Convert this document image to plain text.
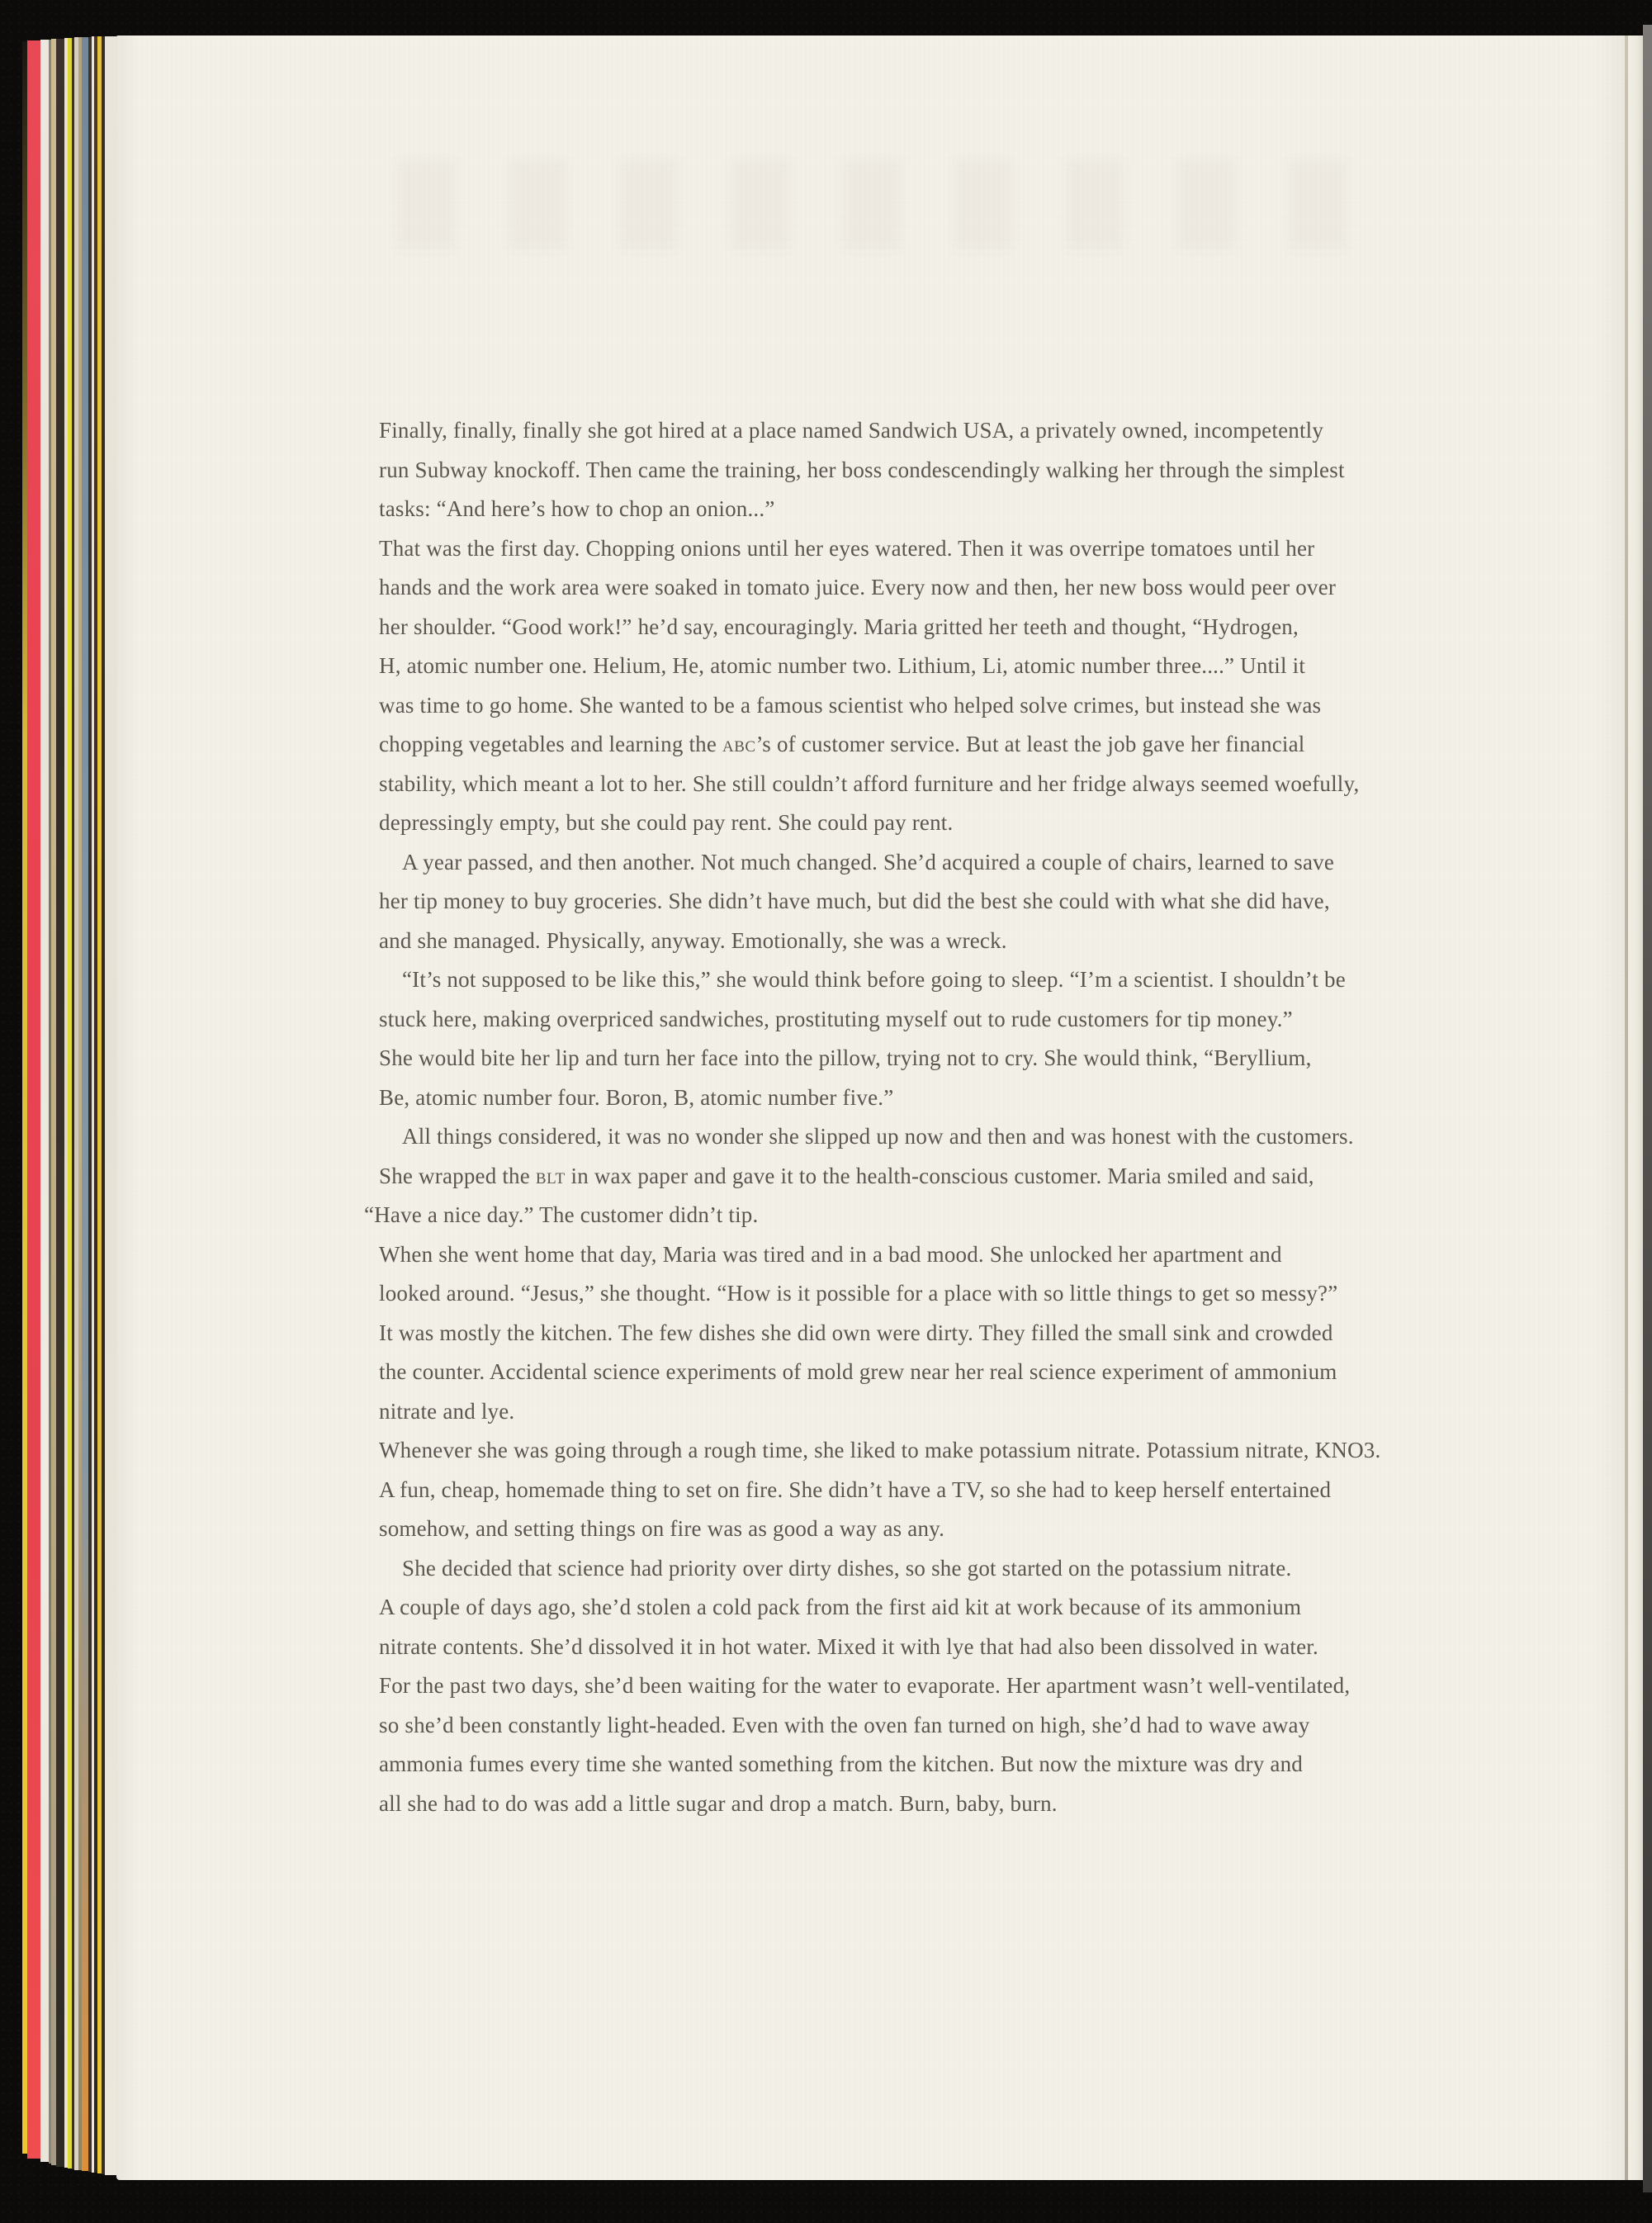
Finally, finally, finally she got hired at a place named Sandwich USA, a privately owned, incompetently
run Subway knockoff. Then came the training, her boss condescendingly walking her through the simplest
tasks: “And here’s how to chop an onion...”
That was the first day. Chopping onions until her eyes watered. Then it was overripe tomatoes until her
hands and the work area were soaked in tomato juice. Every now and then, her new boss would peer over
her shoulder. “Good work!” he’d say, encouragingly. Maria gritted her teeth and thought, “Hydrogen,
H, atomic number one. Helium, He, atomic number two. Lithium, Li, atomic number three....” Until it
was time to go home. She wanted to be a famous scientist who helped solve crimes, but instead she was
chopping vegetables and learning the abc’s of customer service. But at least the job gave her financial
stability, which meant a lot to her. She still couldn’t afford furniture and her fridge always seemed woefully,
depressingly empty, but she could pay rent. She could pay rent.
A year passed, and then another. Not much changed. She’d acquired a couple of chairs, learned to save
her tip money to buy groceries. She didn’t have much, but did the best she could with what she did have,
and she managed. Physically, anyway. Emotionally, she was a wreck.
“It’s not supposed to be like this,” she would think before going to sleep. “I’m a scientist. I shouldn’t be
stuck here, making overpriced sandwiches, prostituting myself out to rude customers for tip money.”
She would bite her lip and turn her face into the pillow, trying not to cry. She would think, “Beryllium,
Be, atomic number four. Boron, B, atomic number five.”
All things considered, it was no wonder she slipped up now and then and was honest with the customers.
She wrapped the blt in wax paper and gave it to the health-conscious customer. Maria smiled and said,
“Have a nice day.” The customer didn’t tip.
When she went home that day, Maria was tired and in a bad mood. She unlocked her apartment and
looked around. “Jesus,” she thought. “How is it possible for a place with so little things to get so messy?”
It was mostly the kitchen. The few dishes she did own were dirty. They filled the small sink and crowded
the counter. Accidental science experiments of mold grew near her real science experiment of ammonium
nitrate and lye.
Whenever she was going through a rough time, she liked to make potassium nitrate. Potassium nitrate, KNO3.
A fun, cheap, homemade thing to set on fire. She didn’t have a TV, so she had to keep herself entertained
somehow, and setting things on fire was as good a way as any.
She decided that science had priority over dirty dishes, so she got started on the potassium nitrate.
A couple of days ago, she’d stolen a cold pack from the first aid kit at work because of its ammonium
nitrate contents. She’d dissolved it in hot water. Mixed it with lye that had also been dissolved in water.
For the past two days, she’d been waiting for the water to evaporate. Her apartment wasn’t well-ventilated,
so she’d been constantly light-headed. Even with the oven fan turned on high, she’d had to wave away
ammonia fumes every time she wanted something from the kitchen. But now the mixture was dry and
all she had to do was add a little sugar and drop a match. Burn, baby, burn.
